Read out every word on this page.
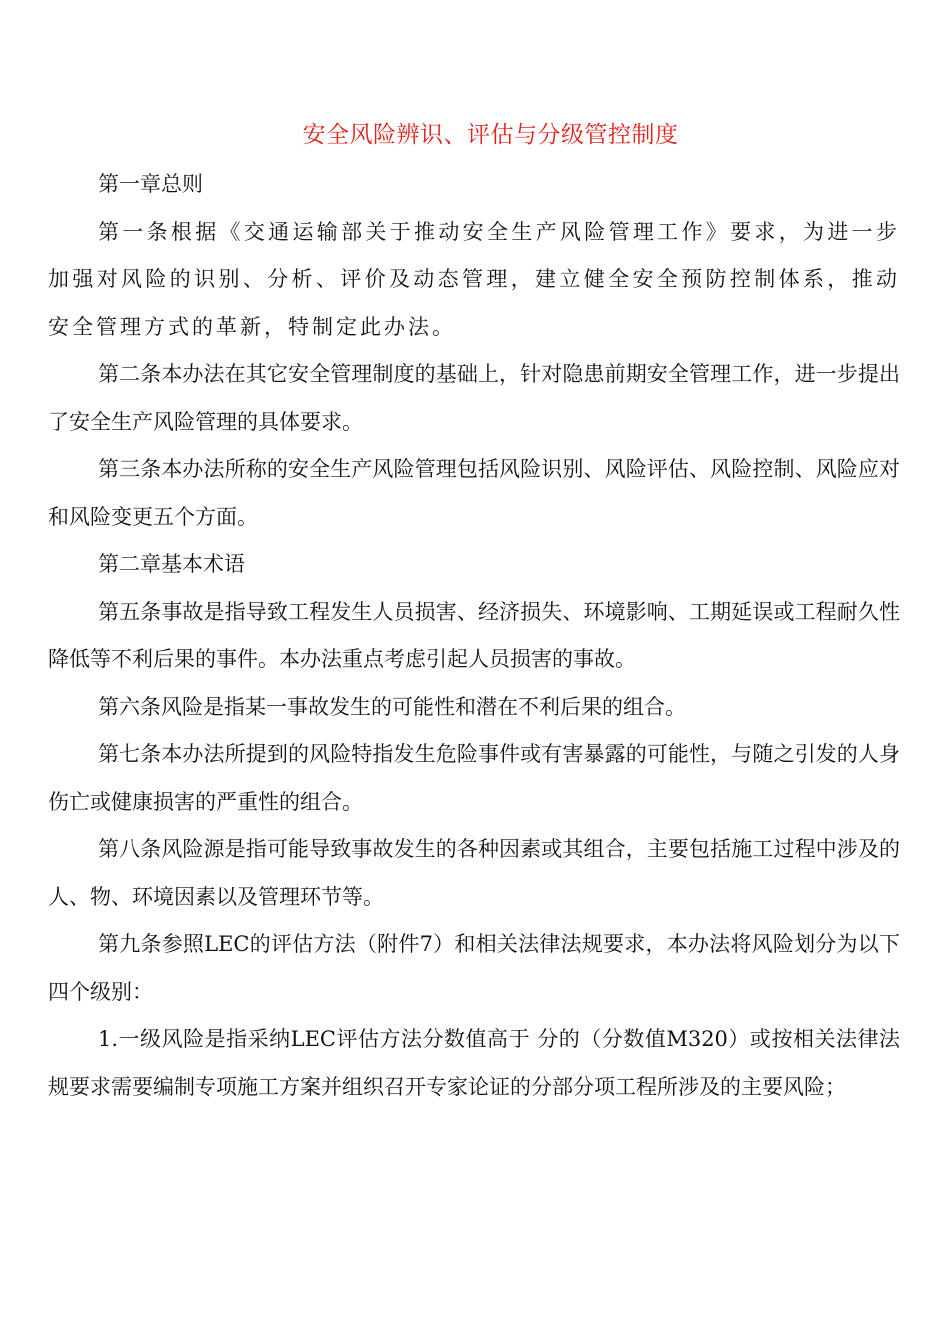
安全风险辨识、评估与分级管控制度

第一章总则

第一条根据《交通运输部关于推动安全生产风险管理工作》要求，为进一步加强对风险的识别、分析、评价及动态管理，建立健全安全预防控制体系，推动安全管理方式的革新，特制定此办法。

第二条本办法在其它安全管理制度的基础上，针对隐患前期安全管理工作，进一步提出了安全生产风险管理的具体要求。

第三条本办法所称的安全生产风险管理包括风险识别、风险评估、风险控制、风险应对和风险变更五个方面。

第二章基本术语

第五条事故是指导致工程发生人员损害、经济损失、环境影响、工期延误或工程耐久性降低等不利后果的事件。本办法重点考虑引起人员损害的事故。

第六条风险是指某一事故发生的可能性和潜在不利后果的组合。

第七条本办法所提到的风险特指发生危险事件或有害暴露的可能性，与随之引发的人身伤亡或健康损害的严重性的组合。

第八条风险源是指可能导致事故发生的各种因素或其组合，主要包括施工过程中涉及的人、物、环境因素以及管理环节等。

第九条参照LEC的评估方法（附件7）和相关法律法规要求，本办法将风险划分为以下四个级别：

1.一级风险是指采纳LEC评估方法分数值高于 分的（分数值M320）或按相关法律法规要求需要编制专项施工方案并组织召开专家论证的分部分项工程所涉及的主要风险；
